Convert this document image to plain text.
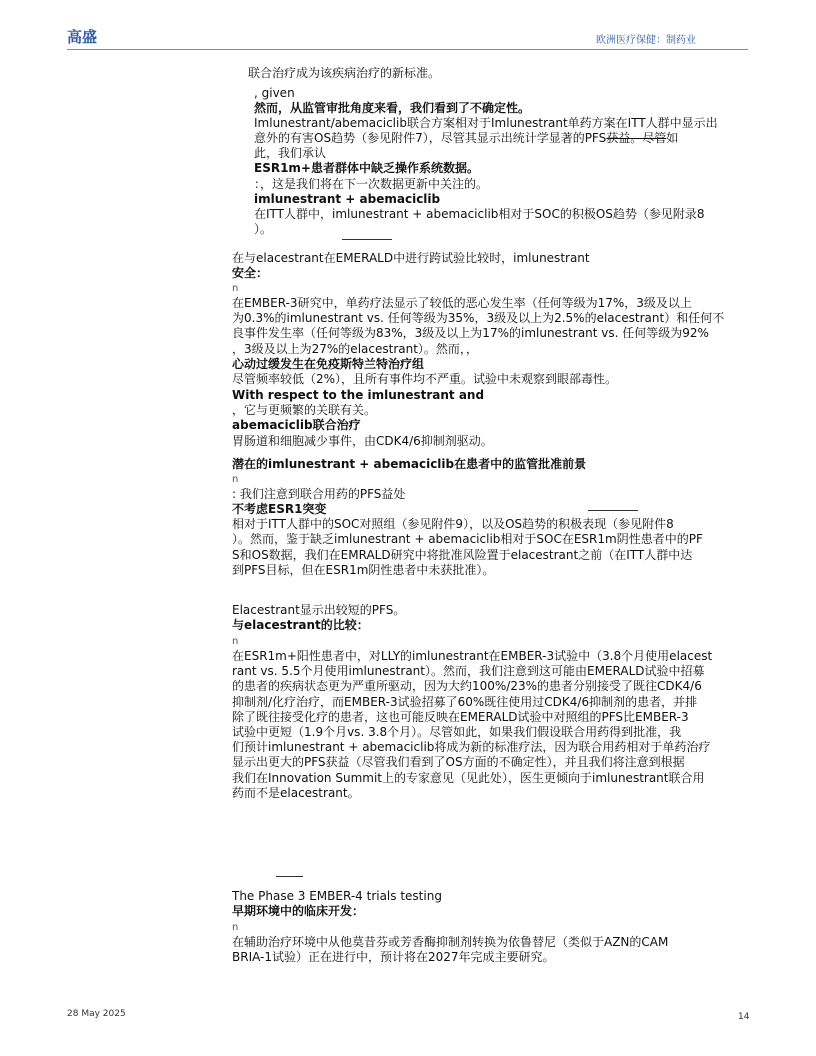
高盛	欧洲医疗保健：制药业
联合治疗成为该疾病治疗的新标准。
, given
然而，从监管审批角度来看，我们看到了不确定性。
Imlunestrant/abemaciclib联合方案相对于Imlunestrant单药方案在ITT人群中显示出
意外的有害OS趋势（参见附件7），尽管其显示出统计学显著的PFS获益。尽管如
此，我们承认
ESR1m+患者群体中缺乏操作系统数据。
：，这是我们将在下一次数据更新中关注的。
imlunestrant + abemaciclib
在ITT人群中，imlunestrant + abemaciclib相对于SOC的积极OS趋势（参见附录8
）。
在与elacestrant在EMERALD中进行跨试验比较时，imlunestrant
安全：
n
在EMBER-3研究中，单药疗法显示了较低的恶心发生率（任何等级为17%，3级及以上
为0.3%的imlunestrant vs. 任何等级为35%，3级及以上为2.5%的elacestrant）和任何不
良事件发生率（任何等级为83%，3级及以上为17%的imlunestrant vs. 任何等级为92%
，3级及以上为27%的elacestrant）。然而，，
心动过缓发生在免疫斯特兰特治疗组
尽管频率较低（2%），且所有事件均不严重。试验中未观察到眼部毒性。
With respect to the imlunestrant and
，它与更频繁的关联有关。
abemaciclib联合治疗
胃肠道和细胞减少事件，由CDK4/6抑制剂驱动。
潜在的imlunestrant + abemaciclib在患者中的监管批准前景
n
: 我们注意到联合用药的PFS益处
不考虑ESR1突变
相对于ITT人群中的SOC对照组（参见附件9），以及OS趋势的积极表现（参见附件8
）。然而，鉴于缺乏imlunestrant + abemaciclib相对于SOC在ESR1m阴性患者中的PF
S和OS数据，我们在EMRALD研究中将批准风险置于elacestrant之前（在ITT人群中达
到PFS目标，但在ESR1m阴性患者中未获批准）。
Elacestrant显示出较短的PFS。
与elacestrant的比较：
n
在ESR1m+阳性患者中，对LLY的imlunestrant在EMBER-3试验中（3.8个月使用elacest
rant vs. 5.5个月使用imlunestrant）。然而，我们注意到这可能由EMERALD试验中招募
的患者的疾病状态更为严重所驱动，因为大约100%/23%的患者分别接受了既往CDK4/6
抑制剂/化疗治疗，而EMBER-3试验招募了60%既往使用过CDK4/6抑制剂的患者，并排
除了既往接受化疗的患者，这也可能反映在EMERALD试验中对照组的PFS比EMBER-3
试验中更短（1.9个月vs. 3.8个月）。尽管如此，如果我们假设联合用药得到批准，我
们预计imlunestrant + abemaciclib将成为新的标准疗法，因为联合用药相对于单药治疗
显示出更大的PFS获益（尽管我们看到了OS方面的不确定性），并且我们将注意到根据
我们在Innovation Summit上的专家意见（见此处），医生更倾向于imlunestrant联合用
药而不是elacestrant。
The Phase 3 EMBER-4 trials testing
早期环境中的临床开发：
n
在辅助治疗环境中从他莫昔芬或芳香酶抑制剂转换为依鲁替尼（类似于AZN的CAM
BRIA-1试验）正在进行中，预计将在2027年完成主要研究。
28 May 2025	14
